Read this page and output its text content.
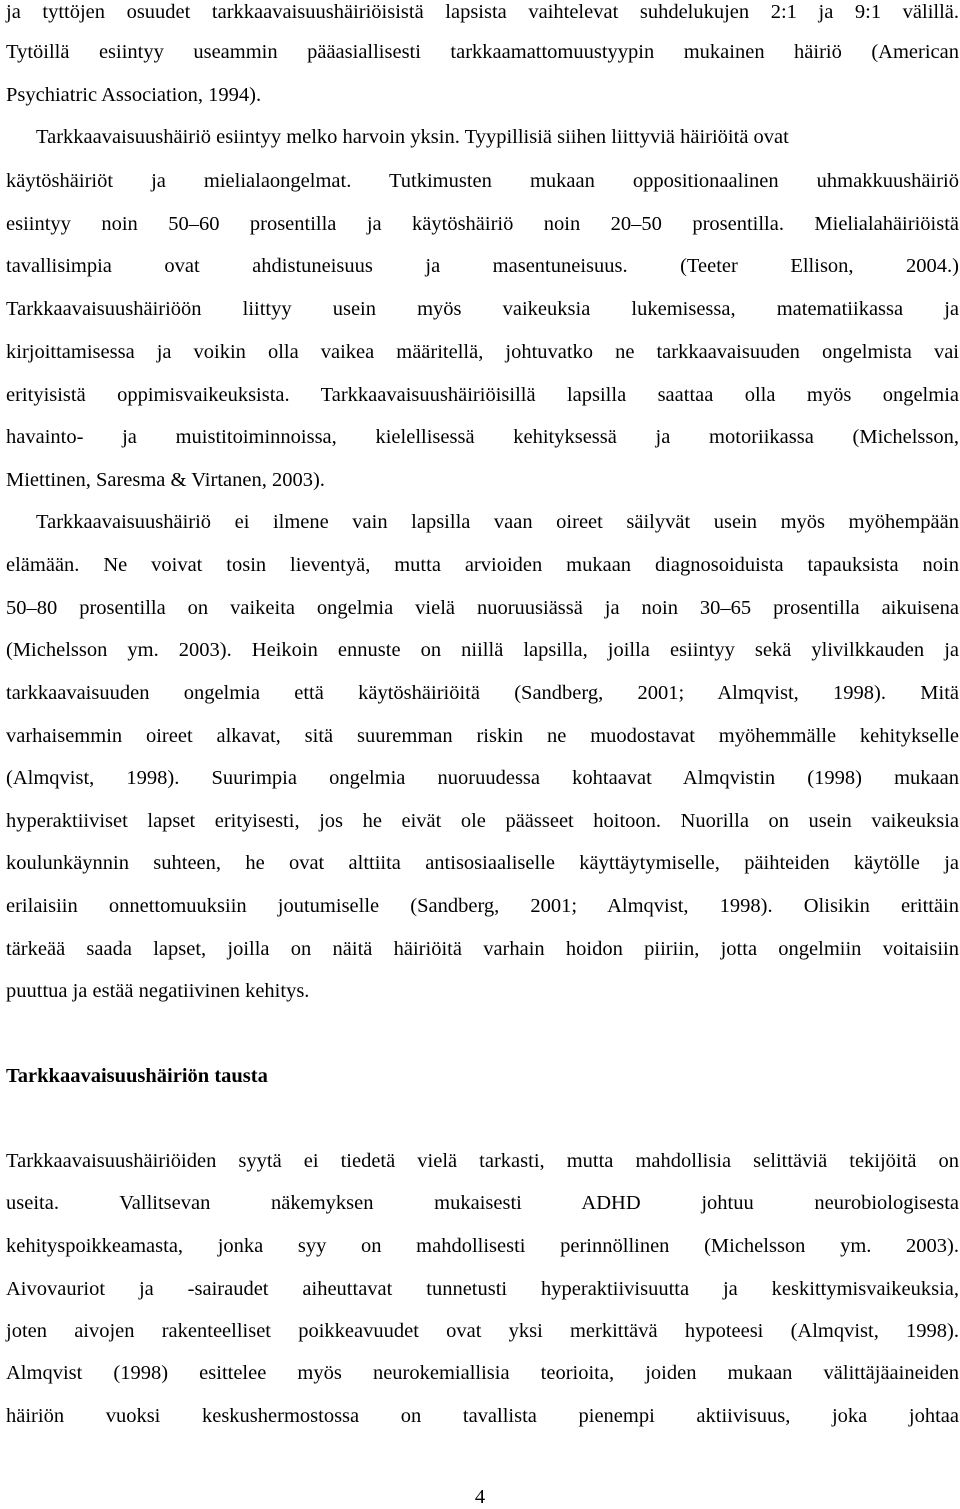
ja tyttöjen osuudet tarkkaavaisuushäiriöisistä lapsista vaihtelevat suhdelukujen 2:1 ja 9:1 välillä.

Tytöillä esiintyy useammin pääasiallisesti tarkkaamattomuustyypin mukainen häiriö (American

Psychiatric Association, 1994).

Tarkkaavaisuushäiriö esiintyy melko harvoin yksin. Tyypillisiä siihen liittyviä häiriöitä ovat

käytöshäiriöt ja mielialaongelmat. Tutkimusten mukaan oppositionaalinen uhmakkuushäiriö

esiintyy noin 50–60 prosentilla ja käytöshäiriö noin 20–50 prosentilla. Mielialahäiriöistä

tavallisimpia ovat ahdistuneisuus ja masentuneisuus. (Teeter Ellison, 2004.)

Tarkkaavaisuushäiriöön liittyy usein myös vaikeuksia lukemisessa, matematiikassa ja

kirjoittamisessa ja voikin olla vaikea määritellä, johtuvatko ne tarkkaavaisuuden ongelmista vai

erityisistä oppimisvaikeuksista. Tarkkaavaisuushäiriöisillä lapsilla saattaa olla myös ongelmia

havainto- ja muistitoiminnoissa, kielellisessä kehityksessä ja motoriikassa (Michelsson,

Miettinen, Saresma & Virtanen, 2003).

Tarkkaavaisuushäiriö ei ilmene vain lapsilla vaan oireet säilyvät usein myös myöhempään

elämään. Ne voivat tosin lieventyä, mutta arvioiden mukaan diagnosoiduista tapauksista noin

50–80 prosentilla on vaikeita ongelmia vielä nuoruusiässä ja noin 30–65 prosentilla aikuisena

(Michelsson ym. 2003). Heikoin ennuste on niillä lapsilla, joilla esiintyy sekä ylivilkkauden ja

tarkkaavaisuuden ongelmia että käytöshäiriöitä (Sandberg, 2001; Almqvist, 1998). Mitä

varhaisemmin oireet alkavat, sitä suuremman riskin ne muodostavat myöhemmälle kehitykselle

(Almqvist, 1998). Suurimpia ongelmia nuoruudessa kohtaavat Almqvistin (1998) mukaan

hyperaktiiviset lapset erityisesti, jos he eivät ole päässeet hoitoon. Nuorilla on usein vaikeuksia

koulunkäynnin suhteen, he ovat alttiita antisosiaaliselle käyttäytymiselle, päihteiden käytölle ja

erilaisiin onnettomuuksiin joutumiselle (Sandberg, 2001; Almqvist, 1998). Olisikin erittäin

tärkeää saada lapset, joilla on näitä häiriöitä varhain hoidon piiriin, jotta ongelmiin voitaisiin

puuttua ja estää negatiivinen kehitys.

Tarkkaavaisuushäiriön tausta

Tarkkaavaisuushäiriöiden syytä ei tiedetä vielä tarkasti, mutta mahdollisia selittäviä tekijöitä on

useita. Vallitsevan näkemyksen mukaisesti ADHD johtuu neurobiologisesta

kehityspoikkeamasta, jonka syy on mahdollisesti perinnöllinen (Michelsson ym. 2003).

Aivovauriot ja -sairaudet aiheuttavat tunnetusti hyperaktiivisuutta ja keskittymisvaikeuksia,

joten aivojen rakenteelliset poikkeavuudet ovat yksi merkittävä hypoteesi (Almqvist, 1998).

Almqvist (1998) esittelee myös neurokemiallisia teorioita, joiden mukaan välittäjäaineiden

häiriön vuoksi keskushermostossa on tavallista pienempi aktiivisuus, joka johtaa

4
